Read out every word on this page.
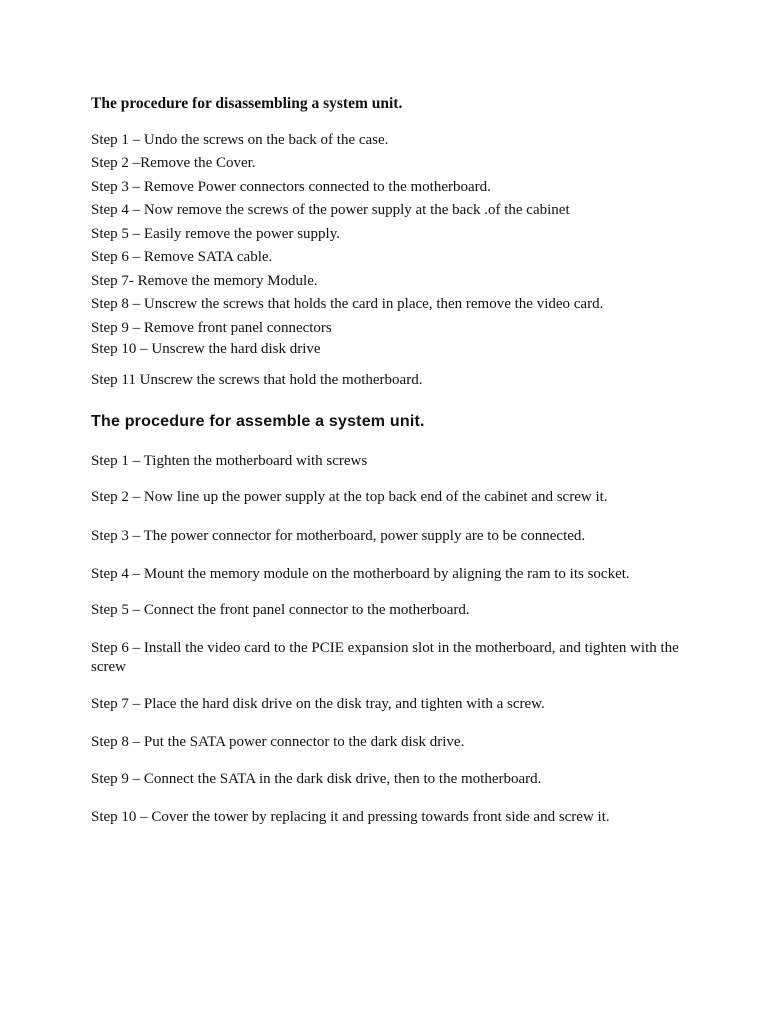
The procedure for disassembling a system unit.
Step 1 – Undo the screws on the back of the case.
Step 2 –Remove the Cover.
Step 3 – Remove Power connectors connected to the motherboard.
Step 4 – Now remove the screws of the power supply at the back .of the cabinet
Step 5 – Easily remove the power supply.
Step 6 – Remove SATA cable.
Step 7- Remove the memory Module.
Step 8 – Unscrew the screws that holds the card in place, then remove the video card.
Step 9 – Remove front panel connectors
Step 10 – Unscrew the hard disk drive
Step 11 Unscrew the screws that hold the motherboard.
The procedure for assemble a system unit.
Step 1 – Tighten the motherboard with screws
Step 2 – Now line up the power supply at the top back end of the cabinet and screw it.
Step 3 – The power connector for motherboard, power supply are to be connected.
Step 4 – Mount the memory module on the motherboard by aligning the ram to its socket.
Step 5 – Connect the front panel connector to the motherboard.
Step 6 – Install the video card to the PCIE expansion slot in the motherboard, and tighten with the screw
Step 7 – Place the hard disk drive on the disk tray, and tighten with a screw.
Step 8 – Put the SATA power connector to the dark disk drive.
Step 9 – Connect the SATA in the dark disk drive, then to the motherboard.
Step 10 – Cover the tower by replacing it and pressing towards front side and screw it.
